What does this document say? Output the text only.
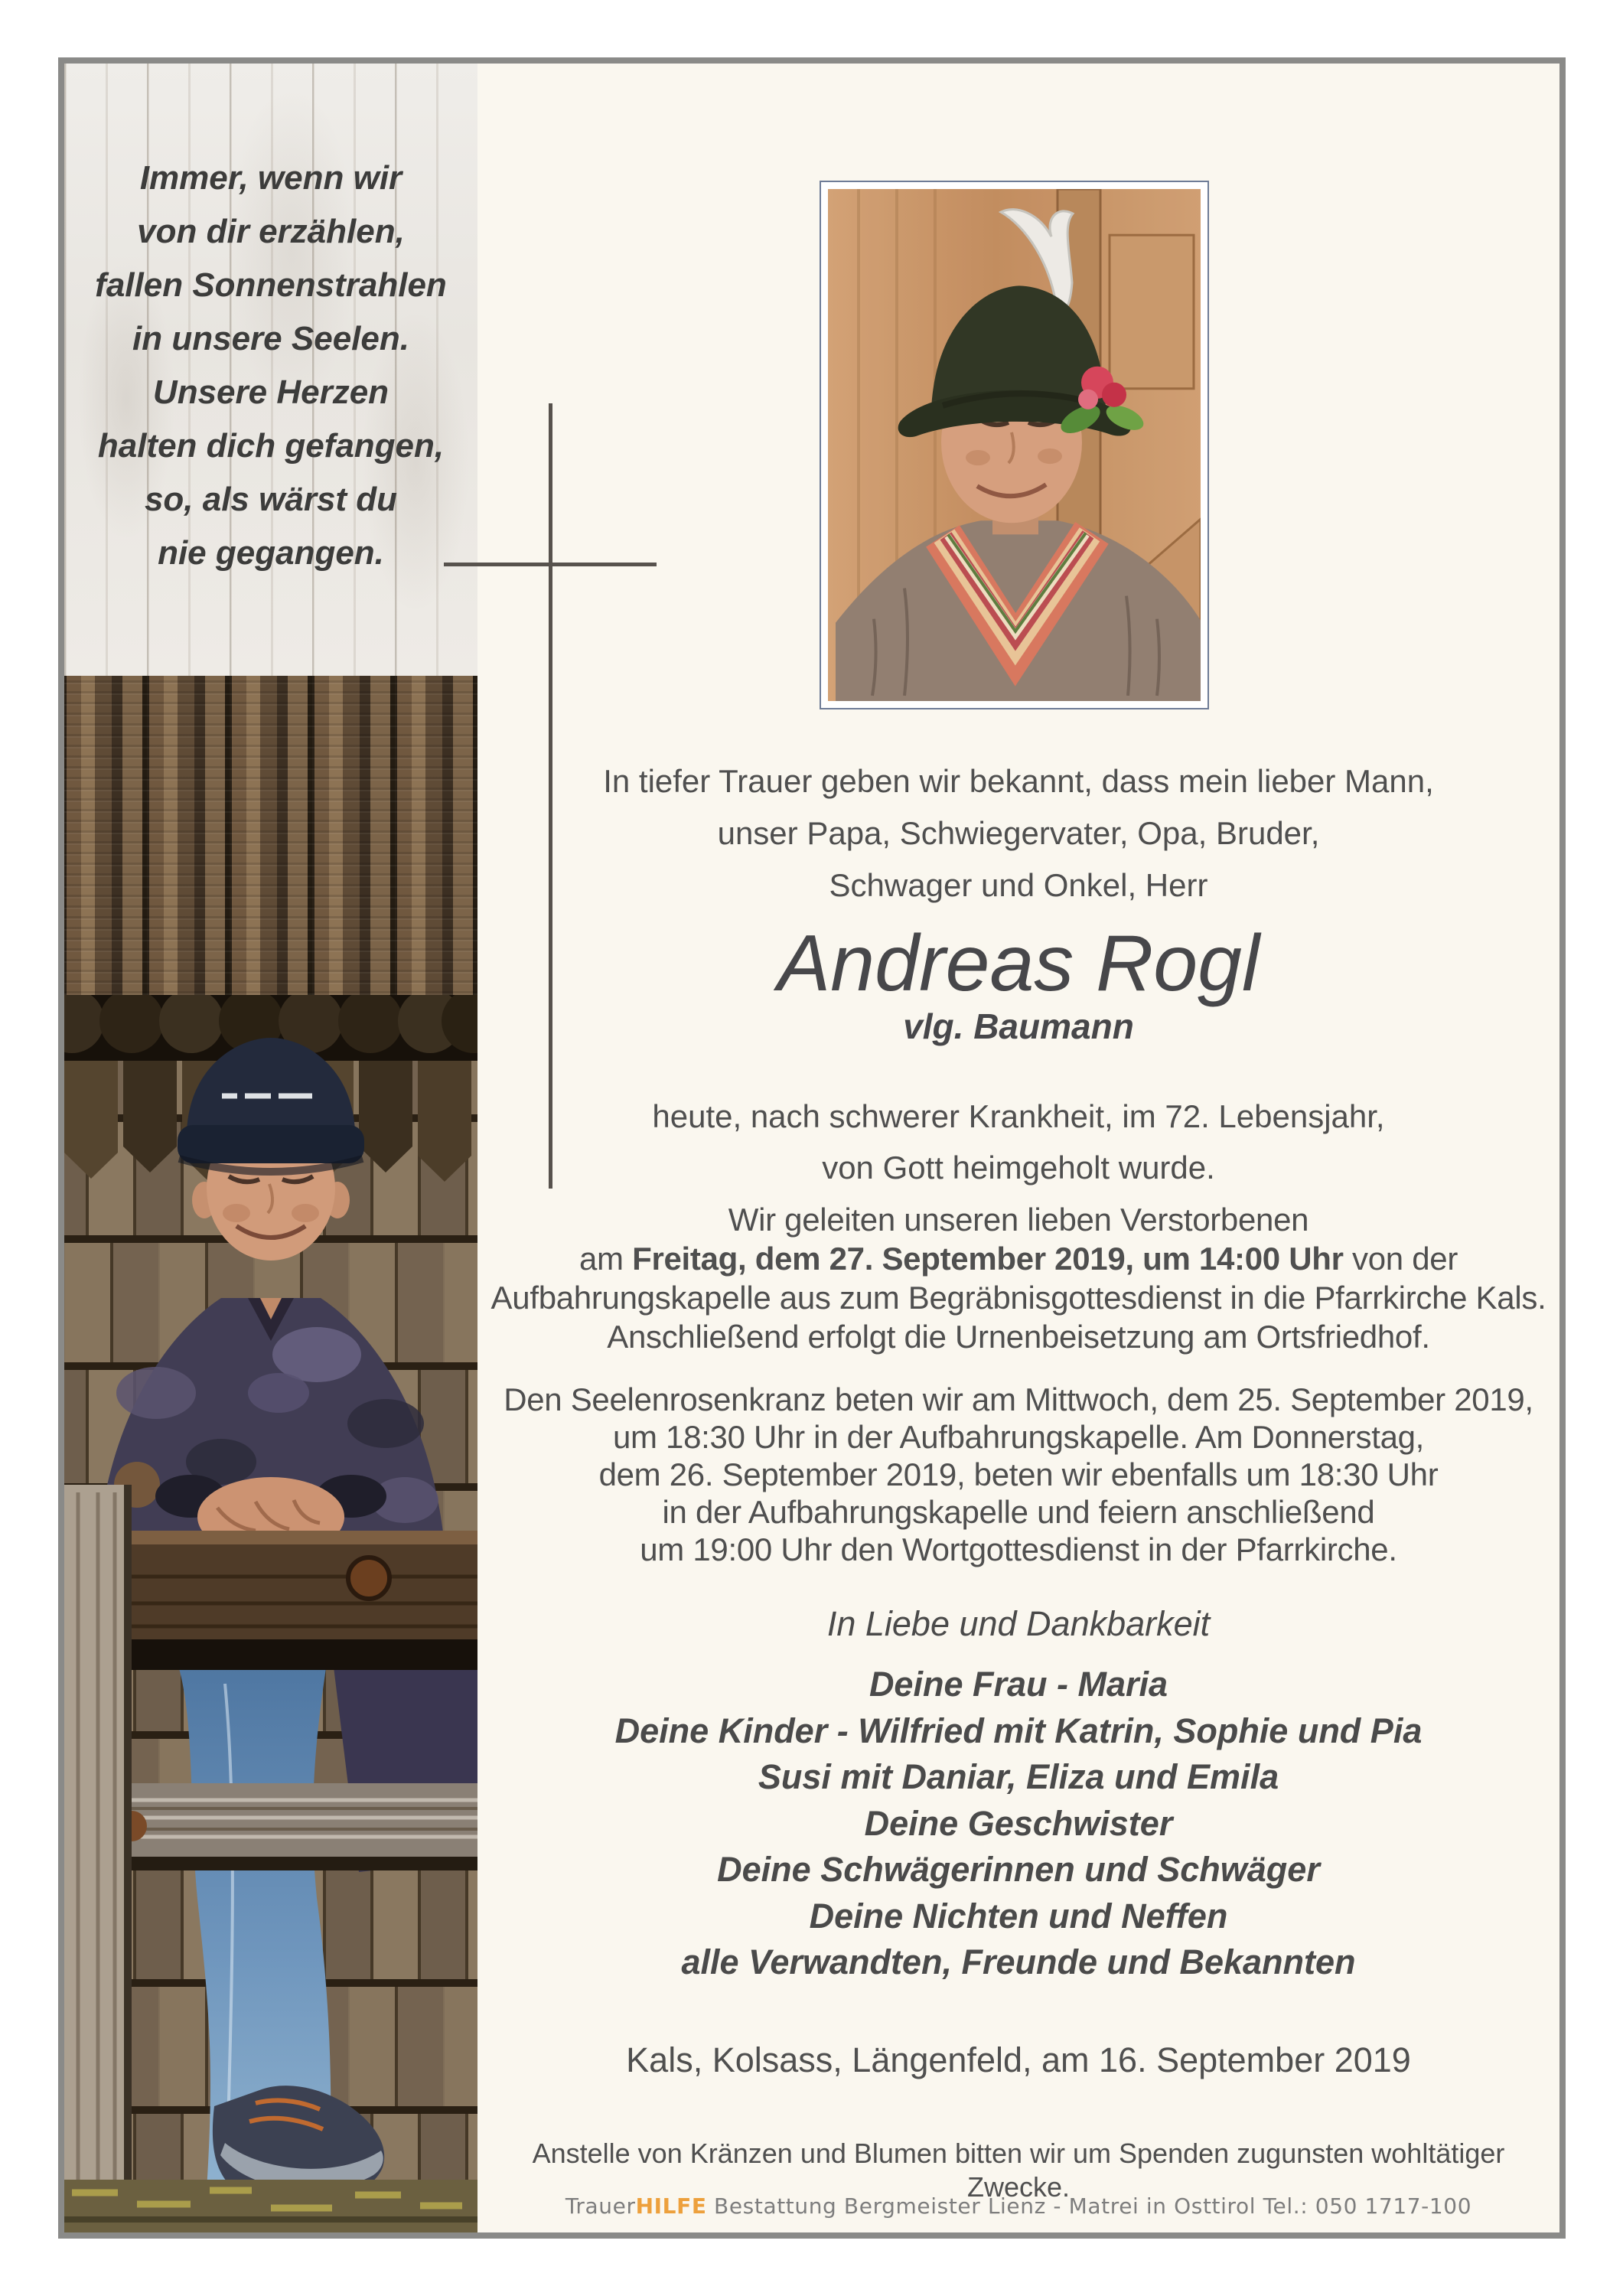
Immer, wenn wir
von dir erzählen,
fallen Sonnenstrahlen
in unsere Seelen.
Unsere Herzen
halten dich gefangen,
so, als wärst du
nie gegangen.
In tiefer Trauer geben wir bekannt, dass mein lieber Mann,
unser Papa, Schwiegervater, Opa, Bruder,
Schwager und Onkel, Herr
Andreas Rogl
vlg. Baumann
heute, nach schwerer Krankheit, im 72. Lebensjahr,
von Gott heimgeholt wurde.
Wir geleiten unseren lieben Verstorbenen
am Freitag, dem 27. September 2019, um 14:00 Uhr von der
Aufbahrungskapelle aus zum Begräbnisgottesdienst in die Pfarrkirche Kals.
Anschließend erfolgt die Urnenbeisetzung am Ortsfriedhof.
Den Seelenrosenkranz beten wir am Mittwoch, dem 25. September 2019,
um 18:30 Uhr in der Aufbahrungskapelle. Am Donnerstag,
dem 26. September 2019, beten wir ebenfalls um 18:30 Uhr
in der Aufbahrungskapelle und feiern anschließend
um 19:00 Uhr den Wortgottesdienst in der Pfarrkirche.
In Liebe und Dankbarkeit
Deine Frau - Maria
Deine Kinder - Wilfried mit Katrin, Sophie und Pia
Susi mit Daniar, Eliza und Emila
Deine Geschwister
Deine Schwägerinnen und Schwäger
Deine Nichten und Neffen
alle Verwandten, Freunde und Bekannten
Kals, Kolsass, Längenfeld, am 16. September 2019
Anstelle von Kränzen und Blumen bitten wir um Spenden zugunsten wohltätiger Zwecke.
TrauerHILFE Bestattung Bergmeister Lienz - Matrei in Osttirol Tel.: 050 1717-100
